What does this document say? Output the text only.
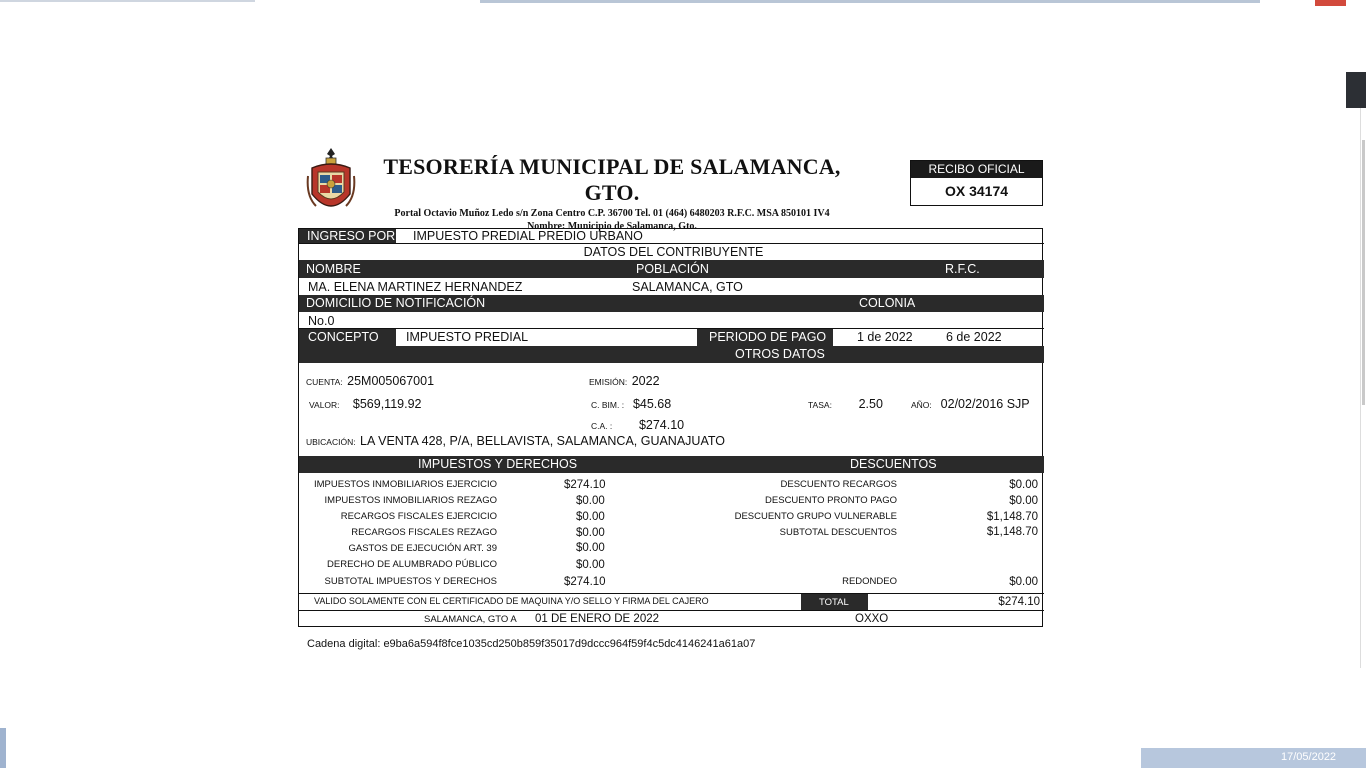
17/05/2022
TESORERÍA MUNICIPAL DE SALAMANCA, GTO.
Portal Octavio Muñoz Ledo s/n Zona Centro C.P. 36700 Tel. 01 (464) 6480203 R.F.C. MSA 850101 IV4
Nombre: Municipio de Salamanca, Gto.
RECIBO OFICIAL
OX 34174
INGRESO POR IMPUESTO PREDIAL PREDIO URBANO
DATOS DEL CONTRIBUYENTE
NOMBRE	POBLACIÓN	R.F.C.
MA. ELENA MARTINEZ HERNANDEZ	SALAMANCA, GTO
DOMICILIO DE NOTIFICACIÓN	COLONIA
No.0
CONCEPTO	IMPUESTO PREDIAL	PERIODO DE PAGO	1 de 2022	6 de 2022
OTROS DATOS
CUENTA: 25M005067001	EMISIÓN: 2022
VALOR: $569,119.92	C. BIM. : $45.68	TASA: 2.50	AÑO: 02/02/2016 SJP
C.A. : $274.10
UBICACIÓN: LA VENTA 428, P/A, BELLAVISTA, SALAMANCA, GUANAJUATO
IMPUESTOS Y DERECHOS	DESCUENTOS
IMPUESTOS INMOBILIARIOS EJERCICIO	$274.10
IMPUESTOS INMOBILIARIOS REZAGO	$0.00
RECARGOS FISCALES EJERCICIO	$0.00
RECARGOS FISCALES REZAGO	$0.00
GASTOS DE EJECUCIÓN ART. 39	$0.00
DERECHO DE ALUMBRADO PÚBLICO	$0.00
SUBTOTAL IMPUESTOS Y DERECHOS	$274.10
DESCUENTO RECARGOS	$0.00
DESCUENTO PRONTO PAGO	$0.00
DESCUENTO GRUPO VULNERABLE	$1,148.70
SUBTOTAL DESCUENTOS	$1,148.70
REDONDEO	$0.00
VALIDO SOLAMENTE CON EL CERTIFICADO DE MAQUINA Y/O SELLO Y FIRMA DEL CAJERO	TOTAL	$274.10
SALAMANCA, GTO A 01 DE ENERO DE 2022	OXXO
Cadena digital: e9ba6a594f8fce1035cd250b859f35017d9dccc964f59f4c5dc4146241a61a07
